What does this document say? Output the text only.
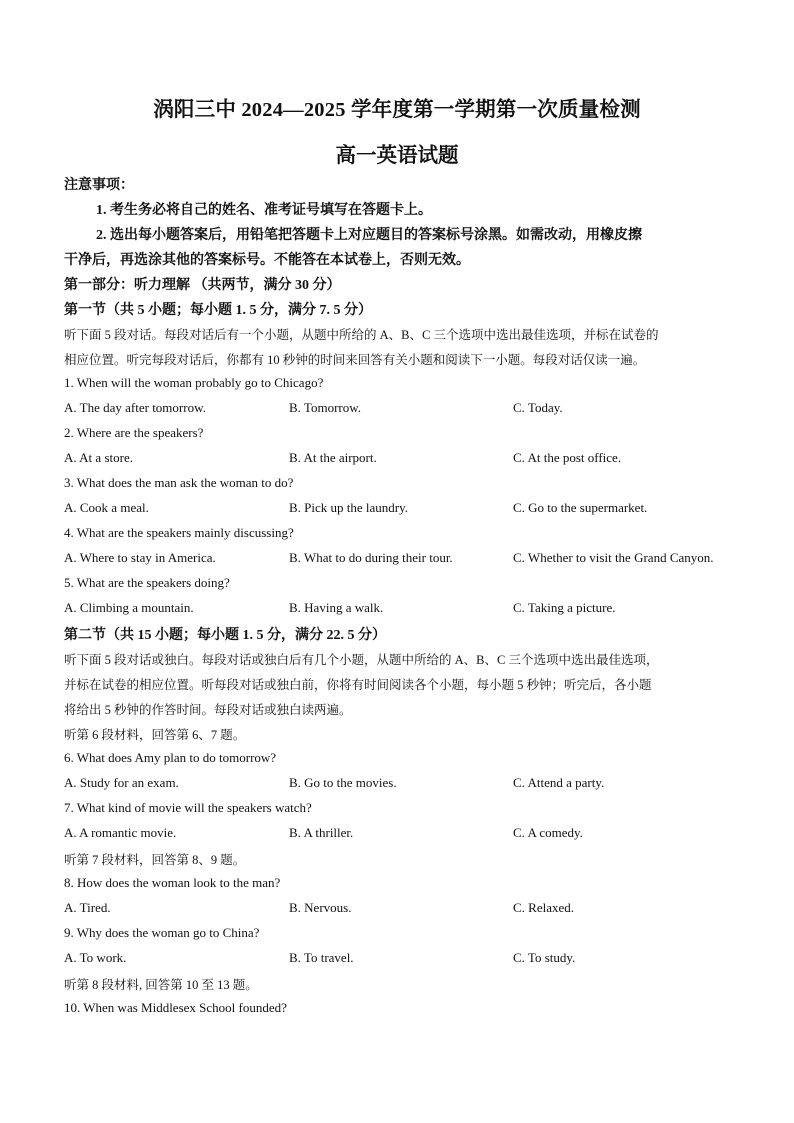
涡阳三中 2024—2025 学年度第一学期第一次质量检测
高一英语试题
注意事项：
1. 考生务必将自己的姓名、准考证号填写在答题卡上。
2. 选出每小题答案后，用铅笔把答题卡上对应题目的答案标号涂黑。如需改动，用橡皮擦
干净后，再选涂其他的答案标号。不能答在本试卷上，否则无效。
第一部分：听力理解 （共两节，满分 30 分）
第一节（共 5 小题；每小题 1. 5 分，满分 7. 5 分）
听下面 5 段对话。每段对话后有一个小题，从题中所给的 A、B、C 三个选项中选出最佳选项，并标在试卷的
相应位置。听完每段对话后，你都有 10 秒钟的时间来回答有关小题和阅读下一小题。每段对话仅读一遍。
1. When will the woman probably go to Chicago?
A. The day after tomorrow.	B. Tomorrow.	C. Today.
2. Where are the speakers?
A. At a store.	B. At the airport.	C. At the post office.
3. What does the man ask the woman to do?
A. Cook a meal.	B. Pick up the laundry.	C. Go to the supermarket.
4. What are the speakers mainly discussing?
A. Where to stay in America.	B. What to do during their tour.	C. Whether to visit the Grand Canyon.
5. What are the speakers doing?
A. Climbing a mountain.	B. Having a walk.	C. Taking a picture.
第二节（共 15 小题；每小题 1. 5 分，满分 22. 5 分）
听下面 5 段对话或独白。每段对话或独白后有几个小题，从题中所给的 A、B、C 三个选项中选出最佳选项，
并标在试卷的相应位置。听每段对话或独白前，你将有时间阅读各个小题，每小题 5 秒钟；听完后，各小题
将给出 5 秒钟的作答时间。每段对话或独白读两遍。
听第 6 段材料，回答第 6、7 题。
6. What does Amy plan to do tomorrow?
A. Study for an exam.	B. Go to the movies.	C. Attend a party.
7. What kind of movie will the speakers watch?
A. A romantic movie.	B. A thriller.	C. A comedy.
听第 7 段材料，回答第 8、9 题。
8. How does the woman look to the man?
A. Tired.	B. Nervous.	C. Relaxed.
9. Why does the woman go to China?
A. To work.	B. To travel.	C. To study.
听第 8 段材料, 回答第 10 至 13 题。
10. When was Middlesex School founded?
